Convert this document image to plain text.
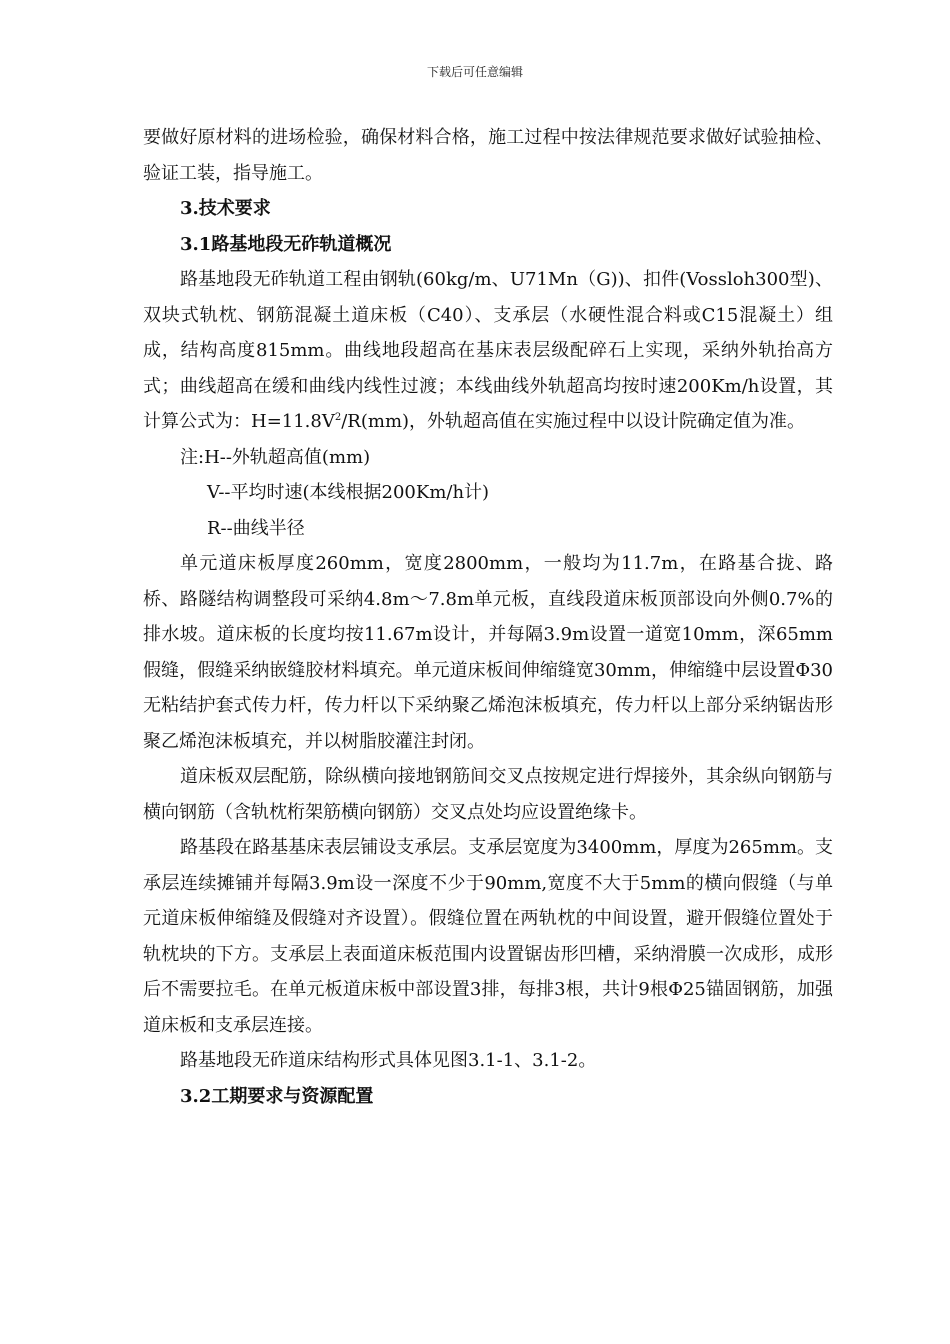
下载后可任意编辑

要做好原材料的进场检验，确保材料合格，施工过程中按法律规范要求做好试验抽检、验证工装，指导施工。

3.技术要求

3.1路基地段无砟轨道概况

路基地段无砟轨道工程由钢轨(60kg/m、U71Mn（G))、扣件(Vossloh300型)、双块式轨枕、钢筋混凝土道床板（C40）、支承层（水硬性混合料或C15混凝土）组成，结构高度815mm。曲线地段超高在基床表层级配碎石上实现，采纳外轨抬高方式；曲线超高在缓和曲线内线性过渡；本线曲线外轨超高均按时速200Km/h设置，其计算公式为：$H=11.8V^2/R(mm)$，外轨超高值在实施过程中以设计院确定值为准。

注:H--外轨超高值(mm)

V--平均时速(本线根据200Km/h计)

R--曲线半径

单元道床板厚度260mm，宽度2800mm，一般均为11.7m，在路基合拢、路桥、路隧结构调整段可采纳4.8m～7.8m单元板，直线段道床板顶部设向外侧0.7%的排水坡。道床板的长度均按11.67m设计，并每隔3.9m设置一道宽10mm，深65mm假缝，假缝采纳嵌缝胶材料填充。单元道床板间伸缩缝宽30mm，伸缩缝中层设置Φ30无粘结护套式传力杆，传力杆以下采纳聚乙烯泡沫板填充，传力杆以上部分采纳锯齿形聚乙烯泡沫板填充，并以树脂胶灌注封闭。

道床板双层配筋，除纵横向接地钢筋间交叉点按规定进行焊接外，其余纵向钢筋与横向钢筋（含轨枕桁架筋横向钢筋）交叉点处均应设置绝缘卡。

路基段在路基基床表层铺设支承层。支承层宽度为3400mm，厚度为265mm。支承层连续摊铺并每隔3.9m设一深度不少于90mm,宽度不大于5mm的横向假缝（与单元道床板伸缩缝及假缝对齐设置）。假缝位置在两轨枕的中间设置，避开假缝位置处于轨枕块的下方。支承层上表面道床板范围内设置锯齿形凹槽，采纳滑膜一次成形，成形后不需要拉毛。在单元板道床板中部设置3排，每排3根，共计9根Φ25锚固钢筋，加强道床板和支承层连接。

路基地段无砟道床结构形式具体见图3.1-1、3.1-2。

3.2工期要求与资源配置
